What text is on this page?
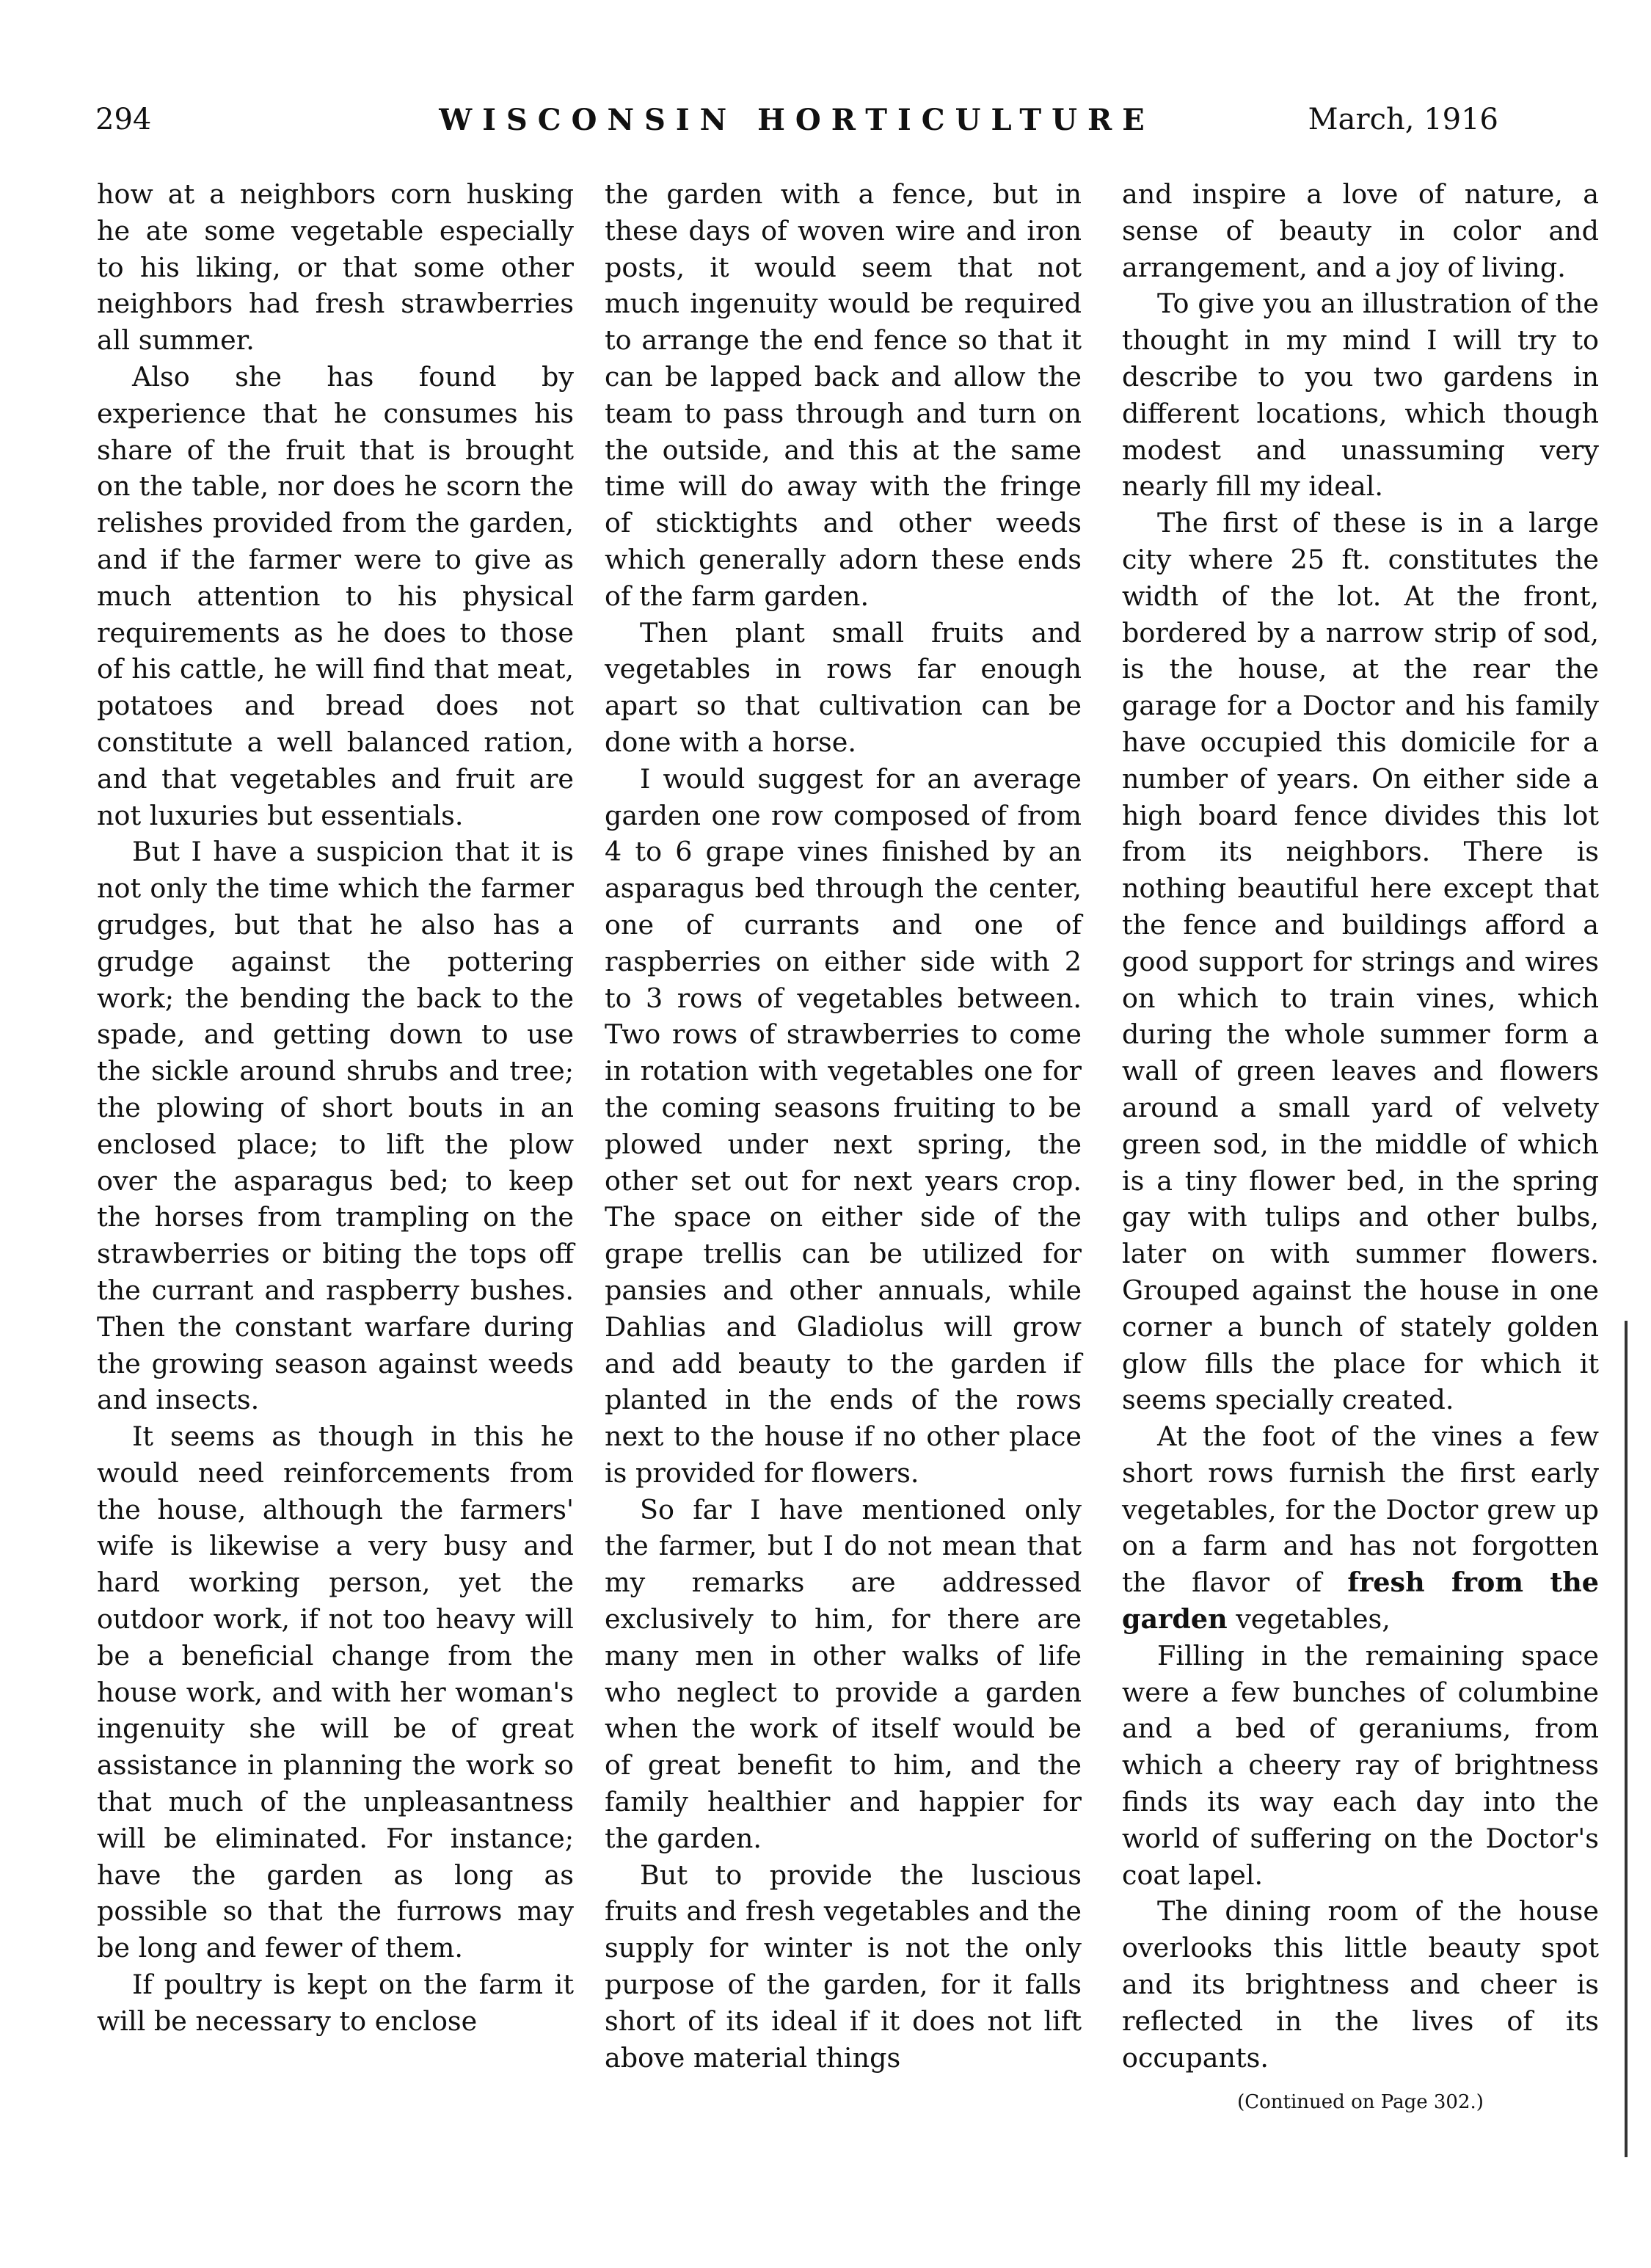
294	WISCONSIN HORTICULTURE	March, 1916

how at a neighbors corn husking he ate some vegetable especially to his liking, or that some other neighbors had fresh strawberries all summer.

Also she has found by experience that he consumes his share of the fruit that is brought on the table, nor does he scorn the relishes provided from the garden, and if the farmer were to give as much attention to his physical requirements as he does to those of his cattle, he will find that meat, potatoes and bread does not constitute a well balanced ration, and that vegetables and fruit are not luxuries but essentials.

But I have a suspicion that it is not only the time which the farmer grudges, but that he also has a grudge against the pottering work; the bending the back to the spade, and getting down to use the sickle around shrubs and tree; the plowing of short bouts in an enclosed place; to lift the plow over the asparagus bed; to keep the horses from trampling on the strawberries or biting the tops off the currant and raspberry bushes. Then the constant warfare during the growing season against weeds and insects.

It seems as though in this he would need reinforcements from the house, although the farmers' wife is likewise a very busy and hard working person, yet the outdoor work, if not too heavy will be a beneficial change from the house work, and with her woman's ingenuity she will be of great assistance in planning the work so that much of the unpleasantness will be eliminated. For instance; have the garden as long as possible so that the furrows may be long and fewer of them.

If poultry is kept on the farm it will be necessary to enclose

the garden with a fence, but in these days of woven wire and iron posts, it would seem that not much ingenuity would be required to arrange the end fence so that it can be lapped back and allow the team to pass through and turn on the outside, and this at the same time will do away with the fringe of sticktights and other weeds which generally adorn these ends of the farm garden.

Then plant small fruits and vegetables in rows far enough apart so that cultivation can be done with a horse.

I would suggest for an average garden one row composed of from 4 to 6 grape vines finished by an asparagus bed through the center, one of currants and one of raspberries on either side with 2 to 3 rows of vegetables between. Two rows of strawberries to come in rotation with vegetables one for the coming seasons fruiting to be plowed under next spring, the other set out for next years crop. The space on either side of the grape trellis can be utilized for pansies and other annuals, while Dahlias and Gladiolus will grow and add beauty to the garden if planted in the ends of the rows next to the house if no other place is provided for flowers.

So far I have mentioned only the farmer, but I do not mean that my remarks are addressed exclusively to him, for there are many men in other walks of life who neglect to provide a garden when the work of itself would be of great benefit to him, and the family healthier and happier for the garden.

But to provide the luscious fruits and fresh vegetables and the supply for winter is not the only purpose of the garden, for it falls short of its ideal if it does not lift above material things

and inspire a love of nature, a sense of beauty in color and arrangement, and a joy of living.

To give you an illustration of the thought in my mind I will try to describe to you two gardens in different locations, which though modest and unassuming very nearly fill my ideal.

The first of these is in a large city where 25 ft. constitutes the width of the lot. At the front, bordered by a narrow strip of sod, is the house, at the rear the garage for a Doctor and his family have occupied this domicile for a number of years. On either side a high board fence divides this lot from its neighbors. There is nothing beautiful here except that the fence and buildings afford a good support for strings and wires on which to train vines, which during the whole summer form a wall of green leaves and flowers around a small yard of velvety green sod, in the middle of which is a tiny flower bed, in the spring gay with tulips and other bulbs, later on with summer flowers. Grouped against the house in one corner a bunch of stately golden glow fills the place for which it seems specially created.

At the foot of the vines a few short rows furnish the first early vegetables, for the Doctor grew up on a farm and has not forgotten the flavor of fresh from the garden vegetables,

Filling in the remaining space were a few bunches of columbine and a bed of geraniums, from which a cheery ray of brightness finds its way each day into the world of suffering on the Doctor's coat lapel.

The dining room of the house overlooks this little beauty spot and its brightness and cheer is reflected in the lives of its occupants.

(Continued on Page 302.)
